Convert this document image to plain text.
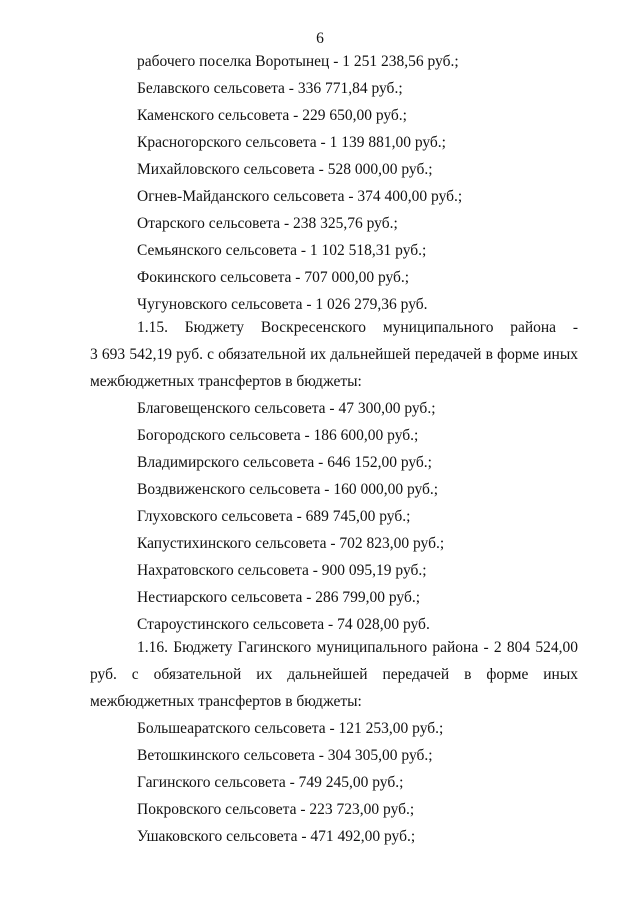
6
рабочего поселка Воротынец - 1 251 238,56 руб.;
Белавского сельсовета - 336 771,84 руб.;
Каменского сельсовета - 229 650,00 руб.;
Красногорского сельсовета - 1 139 881,00 руб.;
Михайловского сельсовета - 528 000,00 руб.;
Огнев-Майданского сельсовета - 374 400,00 руб.;
Отарского сельсовета - 238 325,76 руб.;
Семьянского сельсовета - 1 102 518,31 руб.;
Фокинского сельсовета - 707 000,00 руб.;
Чугуновского сельсовета - 1 026 279,36 руб.
1.15. Бюджету Воскресенского муниципального района -
3 693 542,19 руб. с обязательной их дальнейшей передачей в форме иных
межбюджетных трансфертов в бюджеты:
Благовещенского сельсовета - 47 300,00 руб.;
Богородского сельсовета - 186 600,00 руб.;
Владимирского сельсовета - 646 152,00 руб.;
Воздвиженского сельсовета - 160 000,00 руб.;
Глуховского сельсовета - 689 745,00 руб.;
Капустихинского сельсовета - 702 823,00 руб.;
Нахратовского сельсовета - 900 095,19 руб.;
Нестиарского сельсовета - 286 799,00 руб.;
Староустинского сельсовета - 74 028,00 руб.
1.16. Бюджету Гагинского муниципального района - 2 804 524,00
руб. с обязательной их дальнейшей передачей в форме иных
межбюджетных трансфертов в бюджеты:
Большеаратского сельсовета - 121 253,00 руб.;
Ветошкинского сельсовета - 304 305,00 руб.;
Гагинского сельсовета - 749 245,00 руб.;
Покровского сельсовета - 223 723,00 руб.;
Ушаковского сельсовета - 471 492,00 руб.;
